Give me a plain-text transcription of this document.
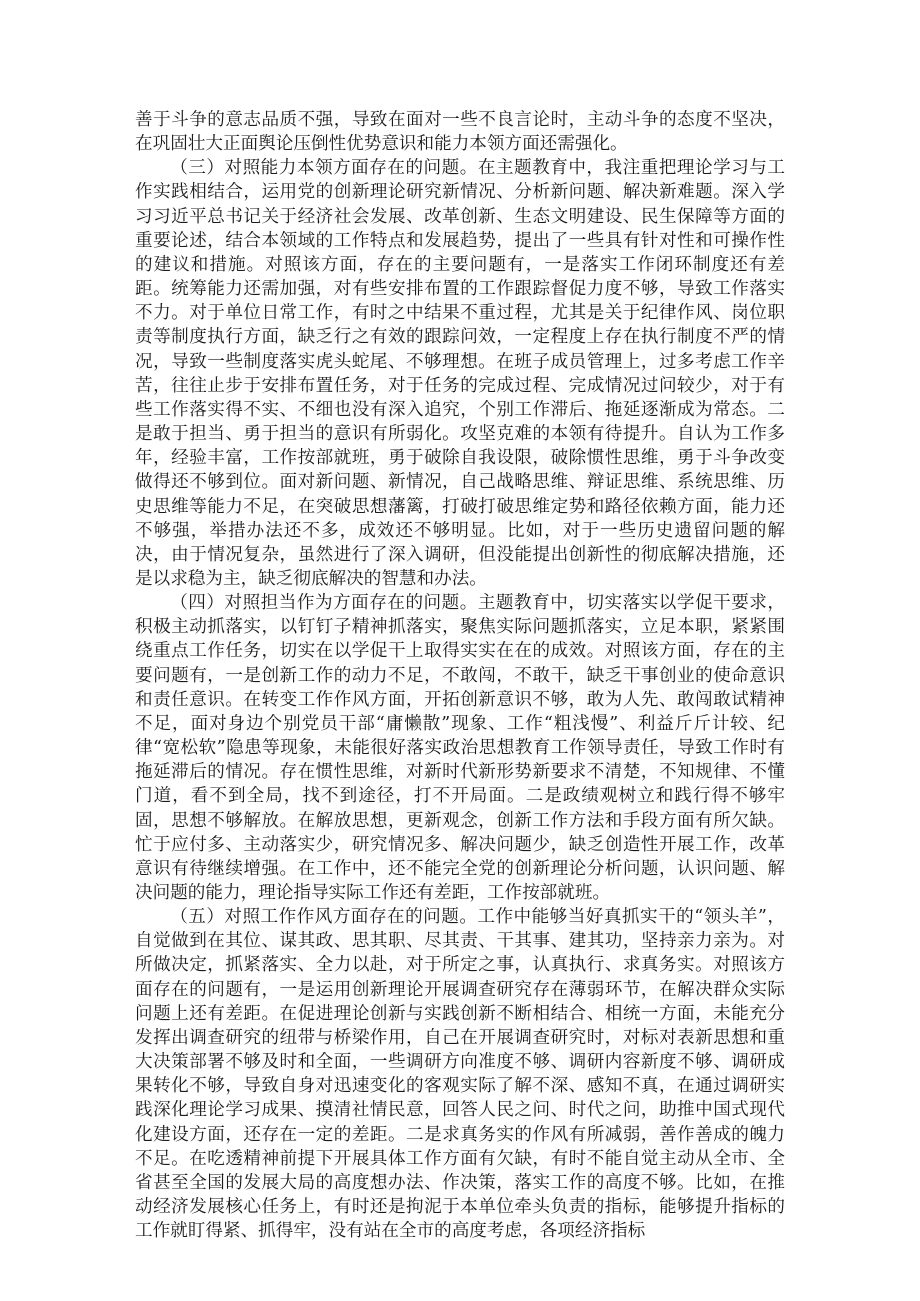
善于斗争的意志品质不强，导致在面对一些不良言论时，主动斗争的态度不坚决，在巩固壮大正面舆论压倒性优势意识和能力本领方面还需强化。

（三）对照能力本领方面存在的问题。在主题教育中，我注重把理论学习与工作实践相结合，运用党的创新理论研究新情况、分析新问题、解决新难题。深入学习习近平总书记关于经济社会发展、改革创新、生态文明建设、民生保障等方面的重要论述，结合本领域的工作特点和发展趋势，提出了一些具有针对性和可操作性的建议和措施。对照该方面，存在的主要问题有，一是落实工作闭环制度还有差距。统筹能力还需加强，对有些安排布置的工作跟踪督促力度不够，导致工作落实不力。对于单位日常工作，有时之中结果不重过程，尤其是关于纪律作风、岗位职责等制度执行方面，缺乏行之有效的跟踪问效，一定程度上存在执行制度不严的情况，导致一些制度落实虎头蛇尾、不够理想。在班子成员管理上，过多考虑工作辛苦，往往止步于安排布置任务，对于任务的完成过程、完成情况过问较少，对于有些工作落实得不实、不细也没有深入追究，个别工作滞后、拖延逐渐成为常态。二是敢于担当、勇于担当的意识有所弱化。攻坚克难的本领有待提升。自认为工作多年，经验丰富，工作按部就班，勇于破除自我设限，破除惯性思维，勇于斗争改变做得还不够到位。面对新问题、新情况，自己战略思维、辩证思维、系统思维、历史思维等能力不足，在突破思想藩篱，打破打破思维定势和路径依赖方面，能力还不够强，举措办法还不多，成效还不够明显。比如，对于一些历史遗留问题的解决，由于情况复杂，虽然进行了深入调研，但没能提出创新性的彻底解决措施，还是以求稳为主，缺乏彻底解决的智慧和办法。

（四）对照担当作为方面存在的问题。主题教育中，切实落实以学促干要求，积极主动抓落实，以钉钉子精神抓落实，聚焦实际问题抓落实，立足本职，紧紧围绕重点工作任务，切实在以学促干上取得实实在在的成效。对照该方面，存在的主要问题有，一是创新工作的动力不足，不敢闯，不敢干，缺乏干事创业的使命意识和责任意识。在转变工作作风方面，开拓创新意识不够，敢为人先、敢闯敢试精神不足，面对身边个别党员干部“庸懒散”现象、工作“粗浅慢”、利益斤斤计较、纪律“宽松软”隐患等现象，未能很好落实政治思想教育工作领导责任，导致工作时有拖延滞后的情况。存在惯性思维，对新时代新形势新要求不清楚，不知规律、不懂门道，看不到全局，找不到途径，打不开局面。二是政绩观树立和践行得不够牢固，思想不够解放。在解放思想，更新观念，创新工作方法和手段方面有所欠缺。忙于应付多、主动落实少，研究情况多、解决问题少，缺乏创造性开展工作，改革意识有待继续增强。在工作中，还不能完全党的创新理论分析问题，认识问题、解决问题的能力，理论指导实际工作还有差距，工作按部就班。

（五）对照工作作风方面存在的问题。工作中能够当好真抓实干的“领头羊”，自觉做到在其位、谋其政、思其职、尽其责、干其事、建其功，坚持亲力亲为。对所做决定，抓紧落实、全力以赴，对于所定之事，认真执行、求真务实。对照该方面存在的问题有，一是运用创新理论开展调查研究存在薄弱环节，在解决群众实际问题上还有差距。在促进理论创新与实践创新不断相结合、相统一方面，未能充分发挥出调查研究的纽带与桥梁作用，自己在开展调查研究时，对标对表新思想和重大决策部署不够及时和全面，一些调研方向准度不够、调研内容新度不够、调研成果转化不够，导致自身对迅速变化的客观实际了解不深、感知不真，在通过调研实践深化理论学习成果、摸清社情民意，回答人民之问、时代之问，助推中国式现代化建设方面，还存在一定的差距。二是求真务实的作风有所减弱，善作善成的魄力不足。在吃透精神前提下开展具体工作方面有欠缺，有时不能自觉主动从全市、全省甚至全国的发展大局的高度想办法、作决策，落实工作的高度不够。比如，在推动经济发展核心任务上，有时还是拘泥于本单位牵头负责的指标，能够提升指标的工作就盯得紧、抓得牢，没有站在全市的高度考虑，各项经济指标
